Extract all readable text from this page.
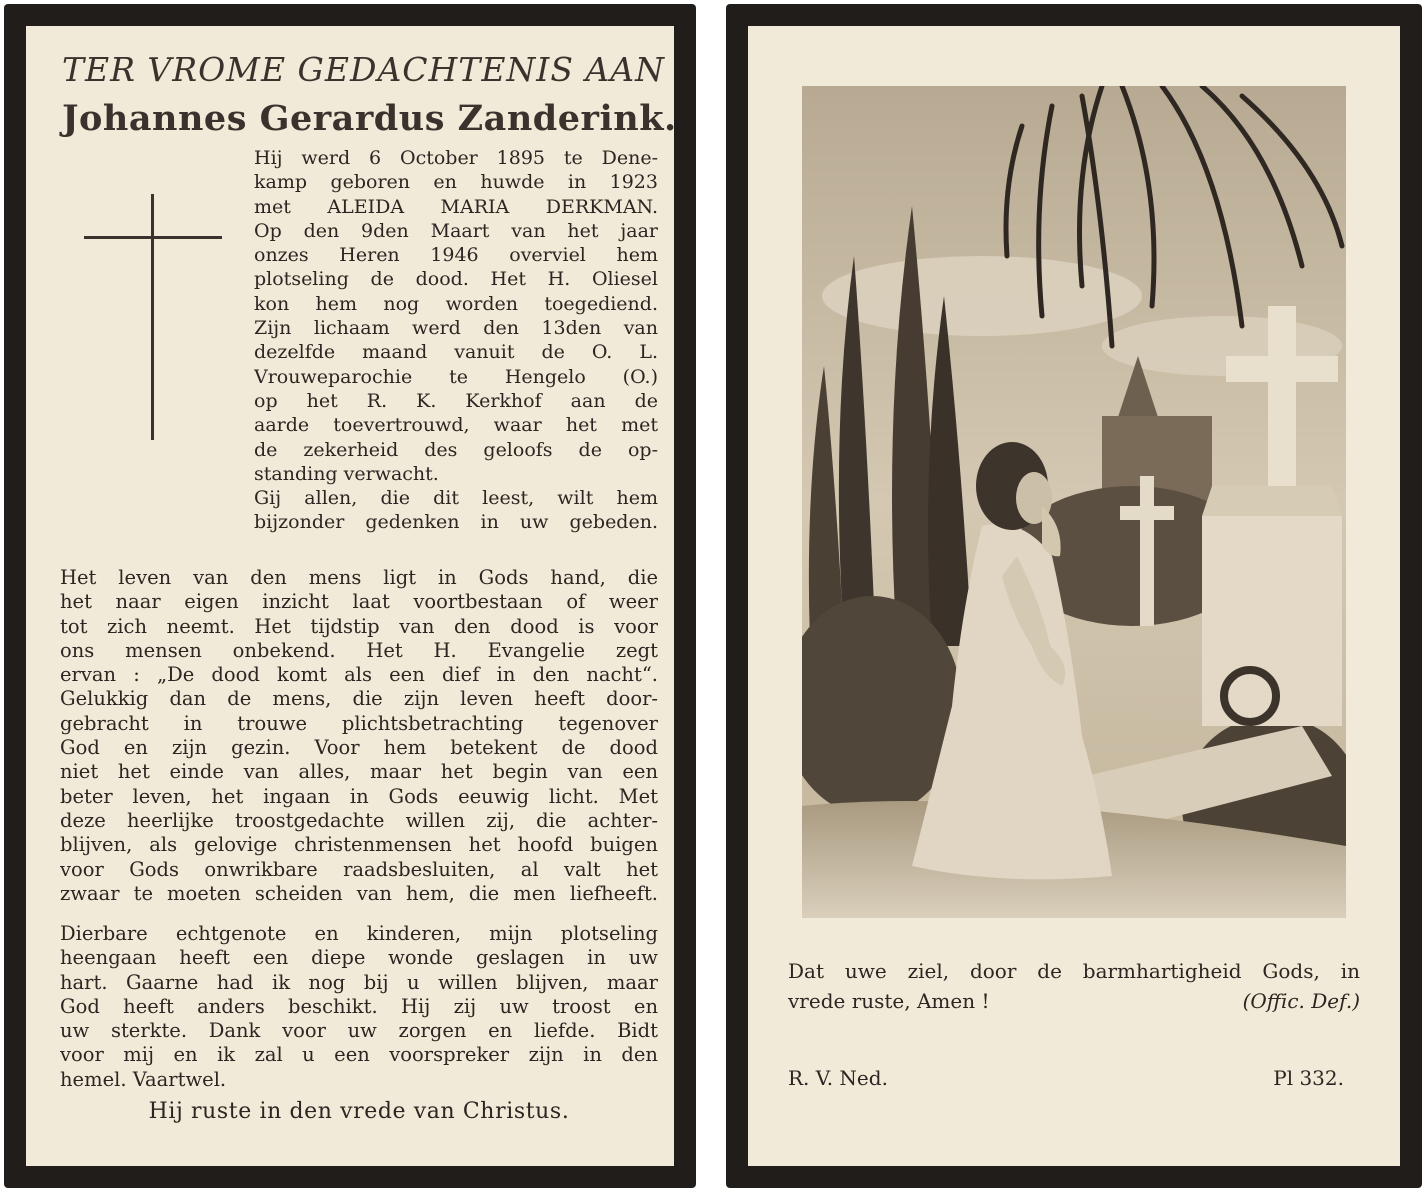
TER VROME GEDACHTENIS AAN
Johannes Gerardus Zanderink.
Hij werd 6 October 1895 te Dene-
kamp geboren en huwde in 1923
met ALEIDA MARIA DERKMAN.
Op den 9den Maart van het jaar
onzes Heren 1946 overviel hem
plotseling de dood. Het H. Oliesel
kon hem nog worden toegediend.
Zijn lichaam werd den 13den van
dezelfde maand vanuit de O. L.
Vrouweparochie te Hengelo (O.)
op het R. K. Kerkhof aan de
aarde toevertrouwd, waar het met
de zekerheid des geloofs de op-
standing verwacht.
Gij allen, die dit leest, wilt hem
bijzonder gedenken in uw gebeden.
Het leven van den mens ligt in Gods hand, die
het naar eigen inzicht laat voortbestaan of weer
tot zich neemt. Het tijdstip van den dood is voor
ons mensen onbekend. Het H. Evangelie zegt
ervan : „De dood komt als een dief in den nacht“.
Gelukkig dan de mens, die zijn leven heeft door-
gebracht in trouwe plichtsbetrachting tegenover
God en zijn gezin. Voor hem betekent de dood
niet het einde van alles, maar het begin van een
beter leven, het ingaan in Gods eeuwig licht. Met
deze heerlijke troostgedachte willen zij, die achter-
blijven, als gelovige christenmensen het hoofd buigen
voor Gods onwrikbare raadsbesluiten, al valt het
zwaar te moeten scheiden van hem, die men liefheeft.
Dierbare echtgenote en kinderen, mijn plotseling
heengaan heeft een diepe wonde geslagen in uw
hart. Gaarne had ik nog bij u willen blijven, maar
God heeft anders beschikt. Hij zij uw troost en
uw sterkte. Dank voor uw zorgen en liefde. Bidt
voor mij en ik zal u een voorspreker zijn in den
hemel. Vaartwel.
Hij ruste in den vrede van Christus.
Dat uwe ziel, door de barmhartigheid Gods, in
vrede ruste, Amen !	(Offic. Def.)
R. V. Ned.	Pl 332.
